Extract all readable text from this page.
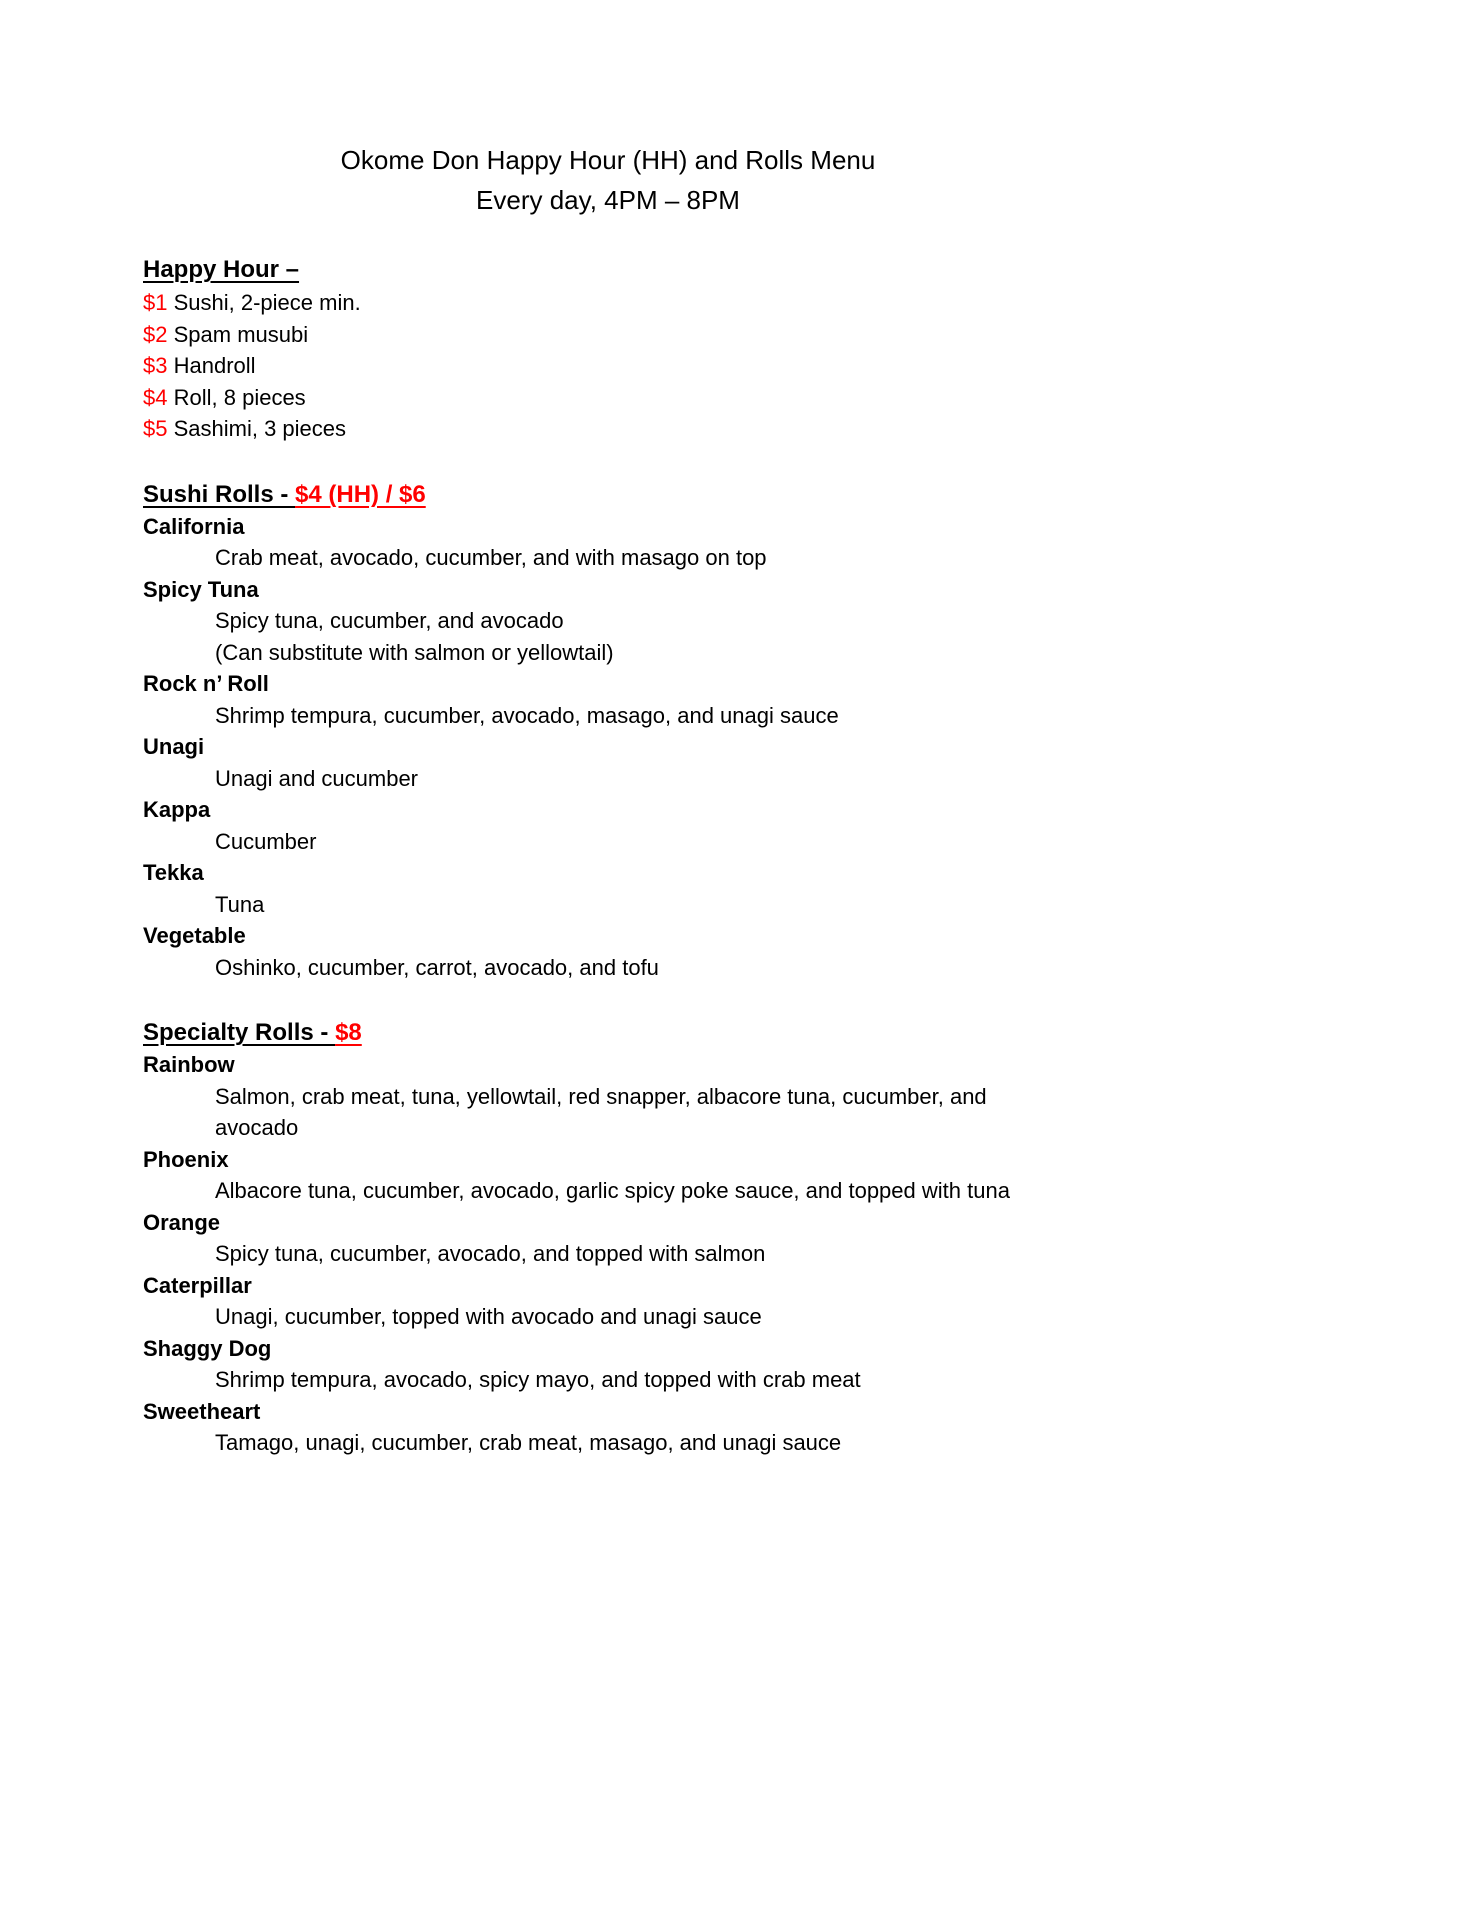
Okome Don Happy Hour (HH) and Rolls Menu
Every day, 4PM – 8PM
Happy Hour –
$1 Sushi, 2-piece min.
$2 Spam musubi
$3 Handroll
$4 Roll, 8 pieces
$5 Sashimi, 3 pieces
Sushi Rolls - $4 (HH) / $6
California
Crab meat, avocado, cucumber, and with masago on top
Spicy Tuna
Spicy tuna, cucumber, and avocado
(Can substitute with salmon or yellowtail)
Rock n’ Roll
Shrimp tempura, cucumber, avocado, masago, and unagi sauce
Unagi
Unagi and cucumber
Kappa
Cucumber
Tekka
Tuna
Vegetable
Oshinko, cucumber, carrot, avocado, and tofu
Specialty Rolls - $8
Rainbow
Salmon, crab meat, tuna, yellowtail, red snapper, albacore tuna, cucumber, and avocado
Phoenix
Albacore tuna, cucumber, avocado, garlic spicy poke sauce, and topped with tuna
Orange
Spicy tuna, cucumber, avocado, and topped with salmon
Caterpillar
Unagi, cucumber, topped with avocado and unagi sauce
Shaggy Dog
Shrimp tempura, avocado, spicy mayo, and topped with crab meat
Sweetheart
Tamago, unagi, cucumber, crab meat, masago, and unagi sauce
